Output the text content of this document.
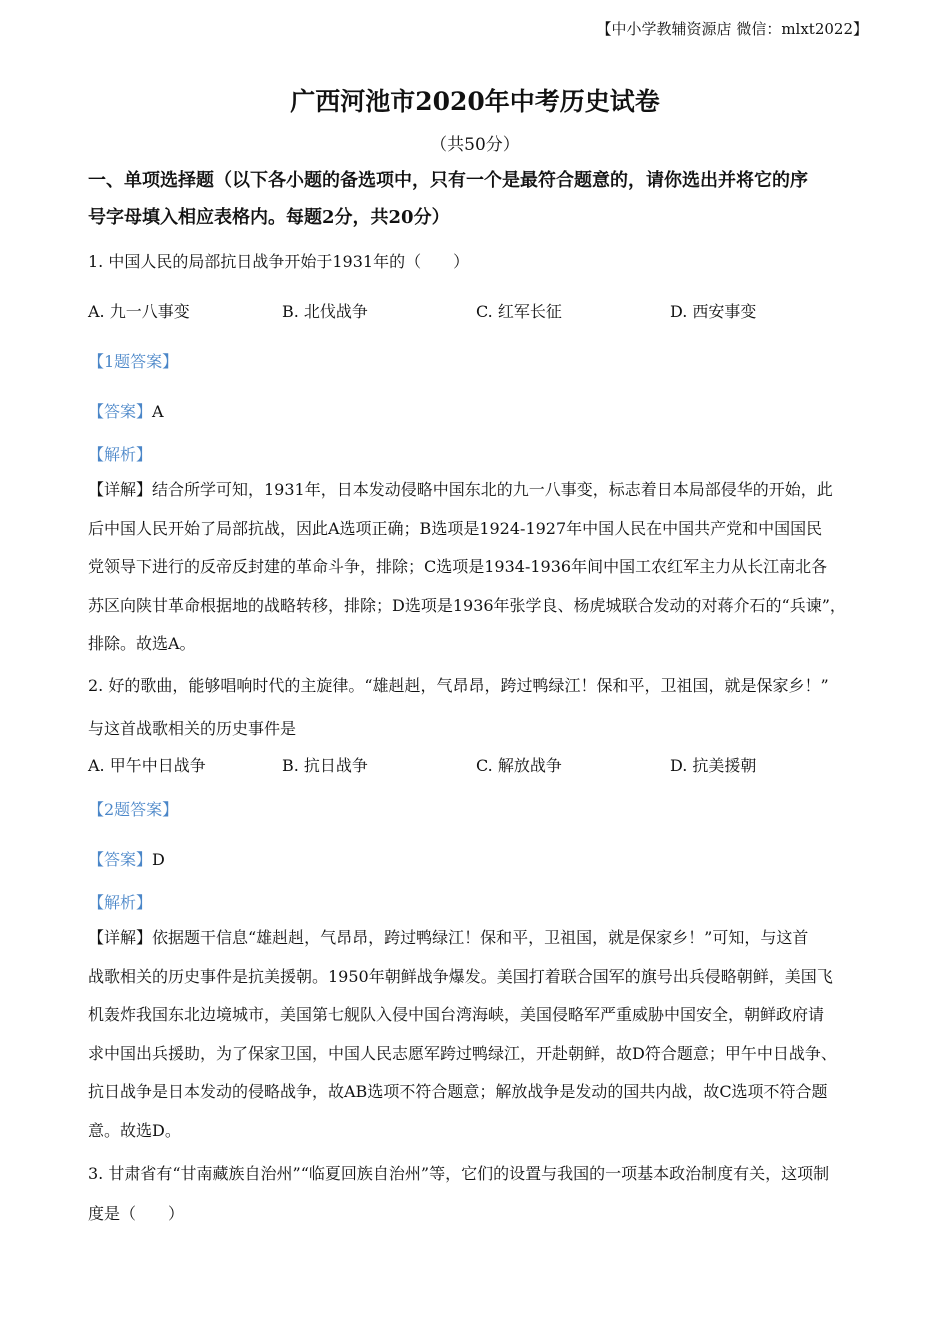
【中小学教辅资源店 微信：mlxt2022】
广西河池市2020年中考历史试卷
（共50分）
一、单项选择题（以下各小题的备选项中，只有一个是最符合题意的，请你选出并将它的序
号字母填入相应表格内。每题2分，共20分）
1. 中国人民的局部抗日战争开始于1931年的（　　）
A. 九一八事变	B. 北伐战争	C. 红军长征	D. 西安事变
【1题答案】
【答案】A
【解析】
【详解】结合所学可知，1931年，日本发动侵略中国东北的九一八事变，标志着日本局部侵华的开始，此
后中国人民开始了局部抗战，因此A选项正确；B选项是1924-1927年中国人民在中国共产党和中国国民
党领导下进行的反帝反封建的革命斗争，排除；C选项是1934-1936年间中国工农红军主力从长江南北各
苏区向陕甘革命根据地的战略转移，排除；D选项是1936年张学良、杨虎城联合发动的对蒋介石的“兵谏”，
排除。故选A。
2. 好的歌曲，能够唱响时代的主旋律。“雄赳赳，气昂昂，跨过鸭绿江！保和平，卫祖国，就是保家乡！”
与这首战歌相关的历史事件是
A. 甲午中日战争	B. 抗日战争	C. 解放战争	D. 抗美援朝
【2题答案】
【答案】D
【解析】
【详解】依据题干信息“雄赳赳，气昂昂，跨过鸭绿江！保和平，卫祖国，就是保家乡！”可知，与这首
战歌相关的历史事件是抗美援朝。1950年朝鲜战争爆发。美国打着联合国军的旗号出兵侵略朝鲜，美国飞
机轰炸我国东北边境城市，美国第七舰队入侵中国台湾海峡，美国侵略军严重威胁中国安全，朝鲜政府请
求中国出兵援助，为了保家卫国，中国人民志愿军跨过鸭绿江，开赴朝鲜，故D符合题意；甲午中日战争、
抗日战争是日本发动的侵略战争，故AB选项不符合题意；解放战争是发动的国共内战，故C选项不符合题
意。故选D。
3. 甘肃省有“甘南藏族自治州”“临夏回族自治州”等，它们的设置与我国的一项基本政治制度有关，这项制
度是（　　）
